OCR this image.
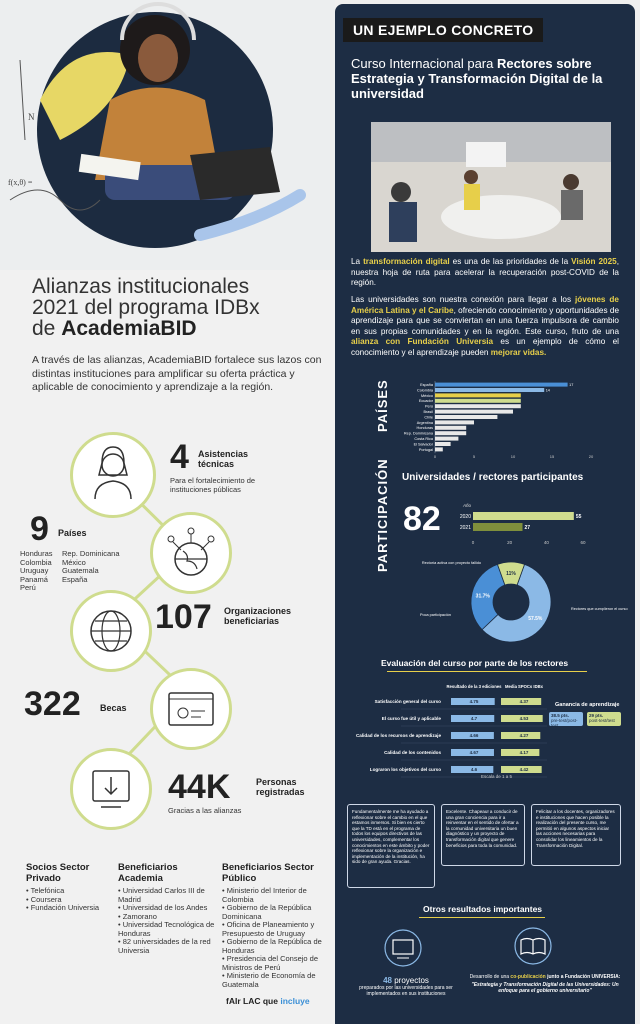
f(x,θ) =
N
Alianzas institucionales
2021 del programa IDBx
de AcademiaBID
A través de las alianzas, AcademiaBID fortalece sus lazos con distintas instituciones para amplificar su oferta práctica y aplicable de conocimiento y aprendizaje a la región.
4 Asistencias técnicas
Para el fortalecimiento de instituciones públicas
9 Países
Honduras
Colombia
Uruguay
Panamá
Perú
Rep. Dominicana
México
Guatemala
España
107 Organizaciones beneficiarias
322 Becas
44K	Personas registradas
Gracias a las alianzas
Socios Sector Privado
• Telefónica
• Coursera
• Fundación Universia
Beneficiarios Academia
• Universidad Carlos III de Madrid
• Universidad de los Andes
• Zamorano
• Universidad Tecnológica de Honduras
• 82 universidades de la red Universia
Beneficiarios Sector Público
• Ministerio del Interior de Colombia
• Gobierno de la República Dominicana
• Oficina de Planeamiento y Presupuesto de Uruguay
• Gobierno de la República de Honduras
• Presidencia del Consejo de Ministros de Perú
• Ministerio de Economía de Guatemala
fAIr LAC que incluye
UN EJEMPLO CONCRETO
Curso Internacional para Rectores sobre Estrategia y Transformación Digital de la universidad
La transformación digital es una de las prioridades de la Visión 2025, nuestra hoja de ruta para acelerar la recuperación post-COVID de la región.
Las universidades son nuestra conexión para llegar a los jóvenes de América Latina y el Caribe, ofreciendo conocimiento y oportunidades de aprendizaje para que se conviertan en una fuerza impulsora de cambio en sus propias comunidades y en la región. Este curso, fruto de una alianza con Fundación Universia es un ejemplo de cómo el conocimiento y el aprendizaje pueden mejorar vidas.
PAÍSES	España	17
Colombia	14
México
Ecuador
Perú
Brasil
Chile
Argentina
Honduras
Rep. Dominicana
Costa Rica
El Salvador
Portugal
0	5	10	15	20
PARTICIPACIÓN Universidades / rectores participantes
82	Año
2020	55
2021	27
0	20	40	60
57.5%
Rectores que cumplieron el curso
31.7%
Poca participación
11%
Rectoría activa con proyecto fallido
Evaluación del curso por parte de los rectores
Resultado de la 3 ediciones Media SPOCs IDBx
Satisfacción general del curso	4.75	4.37
El curso fue útil y aplicable	4.7	4.53
Calidad de los recursos de aprendizaje	4.66	4.27
Calidad de los contenidos	4.67	4.17
Lograron los objetivos del curso	4.6	4.42
Ganancia de aprendizaje
38.5 pts.
pre-test/post-test
29 pts.
post-test/test
Escala de 1 a 5
Fundamentalmente me ha ayudado a reflexionar sobre el cambio en el que estamos inmersos. Si bien es cierto que la TD está en el programa de todos los equipos directivos de las universidades, complementar los conocimientos en este ámbito y poder reflexionar sobre la organización e implementación de la institución, ha sido de gran ayuda. Gracias.
Excelente. Chapeau! a conducir de una gran conciencia para ir a reinventar en el sentido de ofertar a la comunidad universitaria un buen diagnóstico y un proyecto de transformación digital que genere beneficios para toda la comunidad.
Felicitar a los docentes, organizadores e instituciones que hacen posible la realización del presente curso, me permitió en algunos aspectos iniciar las acciones necesarias para consolidar los lineamientos de la Transformación Digital.
Otros resultados importantes
48 proyectos
preparados por las universidades para ser implementados en sus instituciones
Desarrollo de una co-publicación junto a Fundación UNIVERSIA:
"Estrategia y Transformación Digital de las Universidades: Un enfoque para el gobierno universitario"
